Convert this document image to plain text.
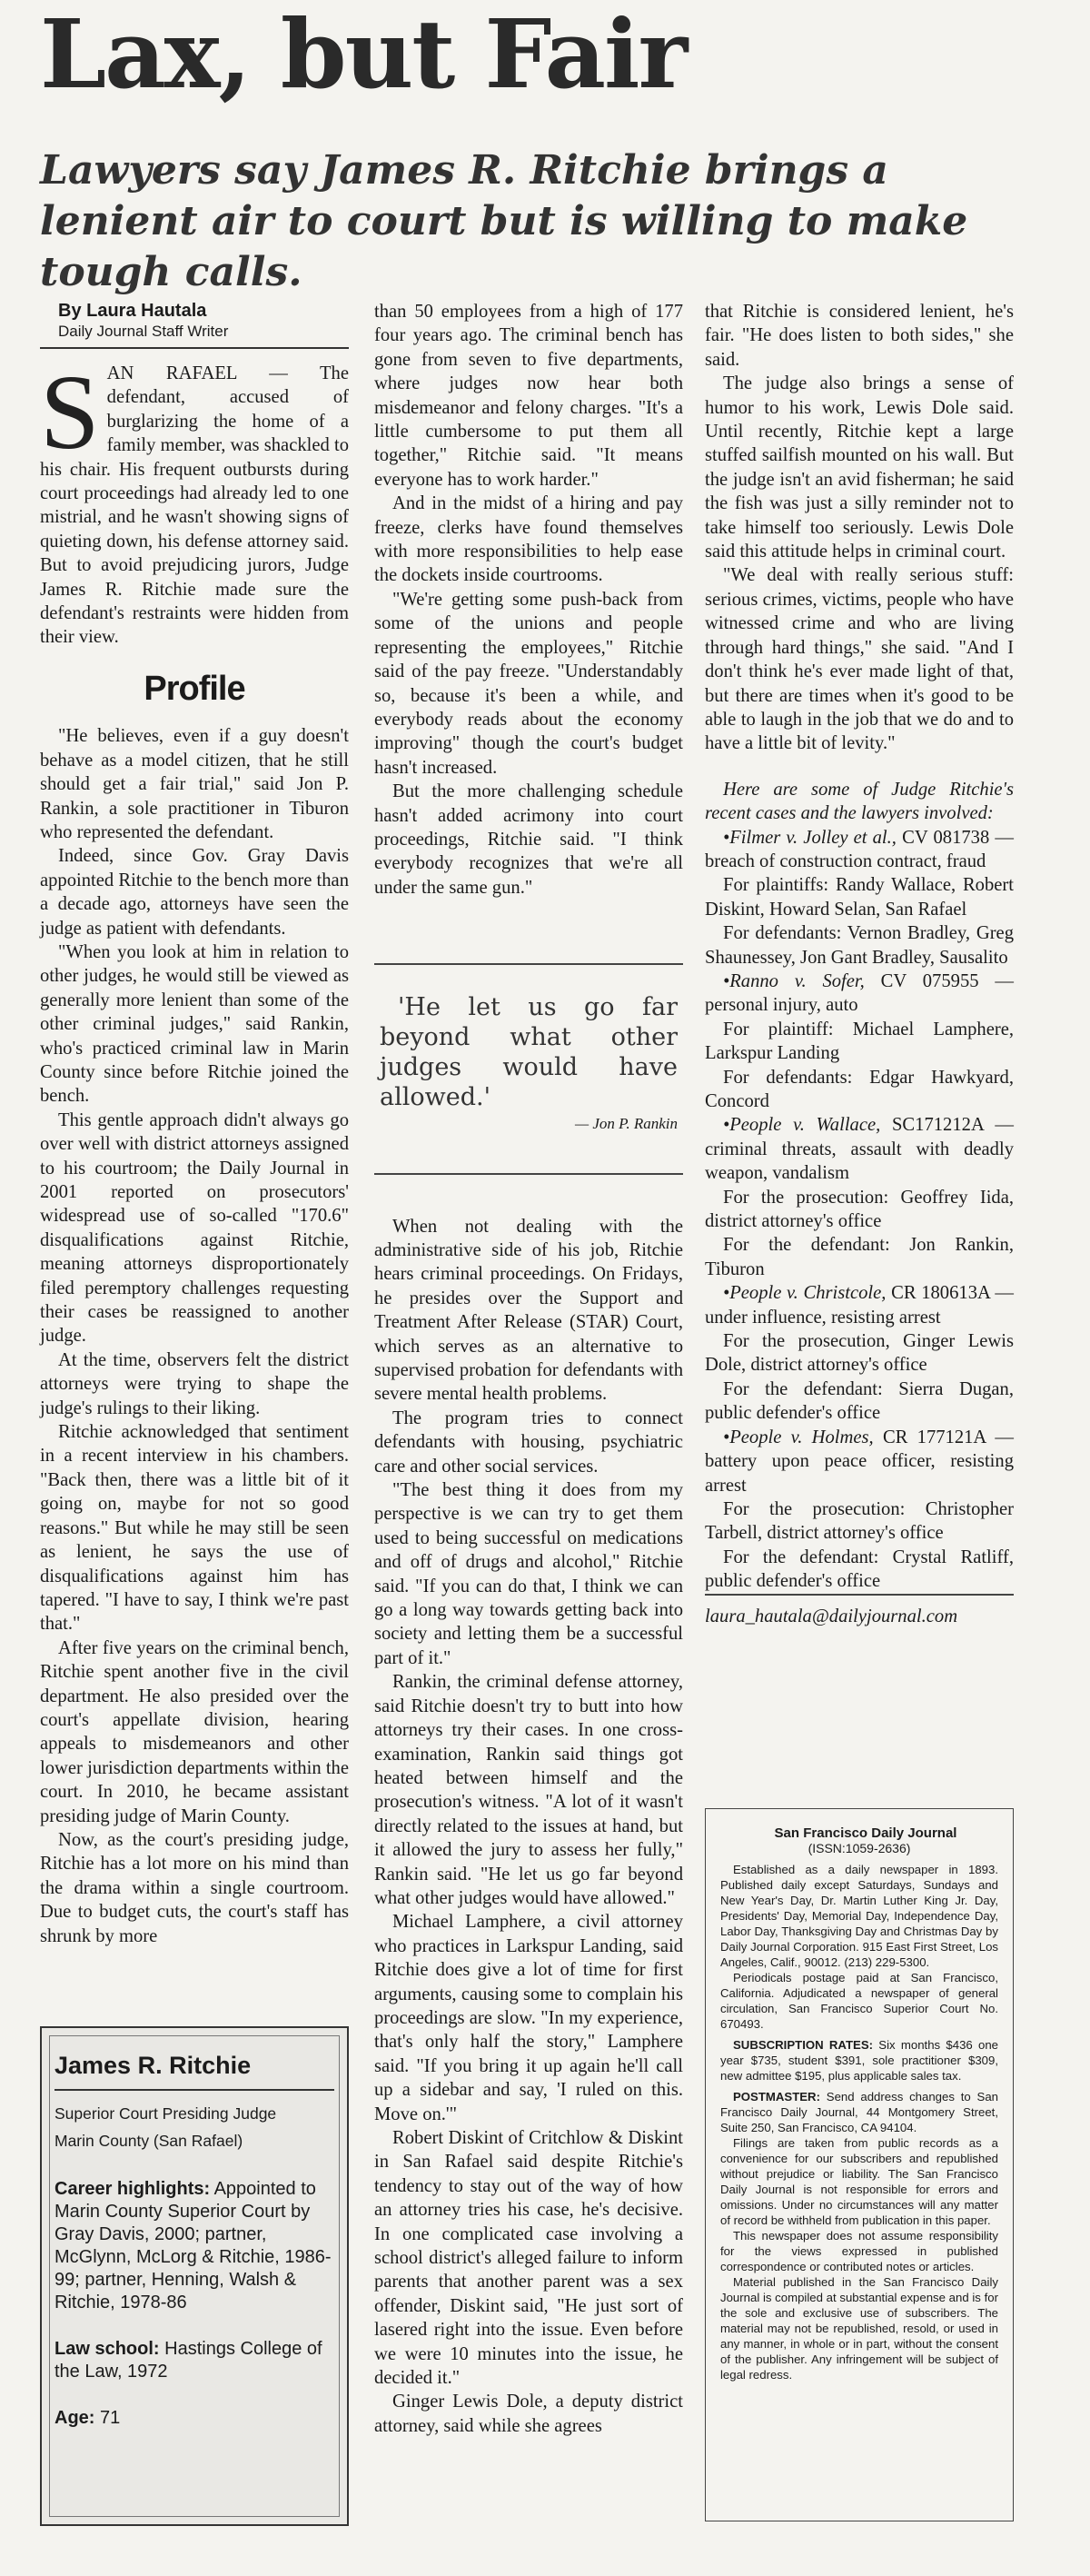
Lax, but Fair
Lawyers say James R. Ritchie brings a lenient air to court but is willing to make tough calls.

By Laura Hautala

Daily Journal Staff Writer

SAN RAFAEL — The defendant, accused of burglarizing the home of a family member, was shackled to his chair. His frequent outbursts during court proceedings had already led to one mistrial, and he wasn't showing signs of quieting down, his defense attorney said. But to avoid prejudicing jurors, Judge James R. Ritchie made sure the defendant's restraints were hidden from their view.

Profile

"He believes, even if a guy doesn't behave as a model citizen, that he still should get a fair trial," said Jon P. Rankin, a sole practitioner in Tiburon who represented the defendant.

Indeed, since Gov. Gray Davis appointed Ritchie to the bench more than a decade ago, attorneys have seen the judge as patient with defendants.

"When you look at him in relation to other judges, he would still be viewed as generally more lenient than some of the other criminal judges," said Rankin, who's practiced criminal law in Marin County since before Ritchie joined the bench.

This gentle approach didn't always go over well with district attorneys assigned to his courtroom; the Daily Journal in 2001 reported on prosecutors' widespread use of so-called "170.6" disqualifications against Ritchie, meaning attorneys disproportionately filed peremptory challenges requesting their cases be reassigned to another judge.

At the time, observers felt the district attorneys were trying to shape the judge's rulings to their liking.

Ritchie acknowledged that sentiment in a recent interview in his chambers. "Back then, there was a little bit of it going on, maybe for not so good reasons." But while he may still be seen as lenient, he says the use of disqualifications against him has tapered. "I have to say, I think we're past that."

After five years on the criminal bench, Ritchie spent another five in the civil department. He also presided over the court's appellate division, hearing appeals to misdemeanors and other lower jurisdiction departments within the court. In 2010, he became assistant presiding judge of Marin County.

Now, as the court's presiding judge, Ritchie has a lot more on his mind than the drama within a single courtroom. Due to budget cuts, the court's staff has shrunk by more

James R. Ritchie

Superior Court Presiding Judge

Marin County (San Rafael)

Career highlights: Appointed to Marin County Superior Court by Gray Davis, 2000; partner, McGlynn, McLorg & Ritchie, 1986-99; partner, Henning, Walsh & Ritchie, 1978-86

Law school: Hastings College of the Law, 1972

Age: 71

than 50 employees from a high of 177 four years ago. The criminal bench has gone from seven to five departments, where judges now hear both misdemeanor and felony charges. "It's a little cumbersome to put them all together," Ritchie said. "It means everyone has to work harder."

And in the midst of a hiring and pay freeze, clerks have found themselves with more responsibilities to help ease the dockets inside courtrooms.

"We're getting some push-back from some of the unions and people representing the employees," Ritchie said of the pay freeze. "Understandably so, because it's been a while, and everybody reads about the economy improving" though the court's budget hasn't increased.

But the more challenging schedule hasn't added acrimony into court proceedings, Ritchie said. "I think everybody recognizes that we're all under the same gun."

'He let us go far beyond what other judges would have allowed.'

— Jon P. Rankin

When not dealing with the administrative side of his job, Ritchie hears criminal proceedings. On Fridays, he presides over the Support and Treatment After Release (STAR) Court, which serves as an alternative to supervised probation for defendants with severe mental health problems.

The program tries to connect defendants with housing, psychiatric care and other social services.

"The best thing it does from my perspective is we can try to get them used to being successful on medications and off of drugs and alcohol," Ritchie said. "If you can do that, I think we can go a long way towards getting back into society and letting them be a successful part of it."

Rankin, the criminal defense attorney, said Ritchie doesn't try to butt into how attorneys try their cases. In one cross-examination, Rankin said things got heated between himself and the prosecution's witness. "A lot of it wasn't directly related to the issues at hand, but it allowed the jury to assess her fully," Rankin said. "He let us go far beyond what other judges would have allowed."

Michael Lamphere, a civil attorney who practices in Larkspur Landing, said Ritchie does give a lot of time for first arguments, causing some to complain his proceedings are slow. "In my experience, that's only half the story," Lamphere said. "If you bring it up again he'll call up a sidebar and say, 'I ruled on this. Move on.'"

Robert Diskint of Critchlow & Diskint in San Rafael said despite Ritchie's tendency to stay out of the way of how an attorney tries his case, he's decisive. In one complicated case involving a school district's alleged failure to inform parents that another parent was a sex offender, Diskint said, "He just sort of lasered right into the issue. Even before we were 10 minutes into the issue, he decided it."

Ginger Lewis Dole, a deputy district attorney, said while she agrees

that Ritchie is considered lenient, he's fair. "He does listen to both sides," she said.

The judge also brings a sense of humor to his work, Lewis Dole said. Until recently, Ritchie kept a large stuffed sailfish mounted on his wall. But the judge isn't an avid fisherman; he said the fish was just a silly reminder not to take himself too seriously. Lewis Dole said this attitude helps in criminal court.

"We deal with really serious stuff: serious crimes, victims, people who have witnessed crime and who are living through hard things," she said. "And I don't think he's ever made light of that, but there are times when it's good to be able to laugh in the job that we do and to have a little bit of levity."

Here are some of Judge Ritchie's recent cases and the lawyers involved:

•Filmer v. Jolley et al., CV 081738 — breach of construction contract, fraud

For plaintiffs: Randy Wallace, Robert Diskint, Howard Selan, San Rafael

For defendants: Vernon Bradley, Greg Shaunessey, Jon Gant Bradley, Sausalito

•Ranno v. Sofer, CV 075955 — personal injury, auto

For plaintiff: Michael Lamphere, Larkspur Landing

For defendants: Edgar Hawkyard, Concord

•People v. Wallace, SC171212A — criminal threats, assault with deadly weapon, vandalism

For the prosecution: Geoffrey Iida, district attorney's office

For the defendant: Jon Rankin, Tiburon

•People v. Christcole, CR 180613A — under influence, resisting arrest

For the prosecution, Ginger Lewis Dole, district attorney's office

For the defendant: Sierra Dugan, public defender's office

•People v. Holmes, CR 177121A — battery upon peace officer, resisting arrest

For the prosecution: Christopher Tarbell, district attorney's office

For the defendant: Crystal Ratliff, public defender's office

laura_hautala@dailyjournal.com

San Francisco Daily Journal

(ISSN:1059-2636)

Established as a daily newspaper in 1893. Published daily except Saturdays, Sundays and New Year's Day, Dr. Martin Luther King Jr. Day, Presidents' Day, Memorial Day, Independence Day, Labor Day, Thanksgiving Day and Christmas Day by Daily Journal Corporation. 915 East First Street, Los Angeles, Calif., 90012. (213) 229-5300.

Periodicals postage paid at San Francisco, California. Adjudicated a newspaper of general circulation, San Francisco Superior Court No. 670493.

SUBSCRIPTION RATES: Six months $436 one year $735, student $391, sole practitioner $309, new admittee $195, plus applicable sales tax.

POSTMASTER: Send address changes to San Francisco Daily Journal, 44 Montgomery Street, Suite 250, San Francisco, CA 94104.

Filings are taken from public records as a convenience for our subscribers and republished without prejudice or liability. The San Francisco Daily Journal is not responsible for errors and omissions. Under no circumstances will any matter of record be withheld from publication in this paper.

This newspaper does not assume responsibility for the views expressed in published correspondence or contributed notes or articles.

Material published in the San Francisco Daily Journal is compiled at substantial expense and is for the sole and exclusive use of subscribers. The material may not be republished, resold, or used in any manner, in whole or in part, without the consent of the publisher. Any infringement will be subject of legal redress.
